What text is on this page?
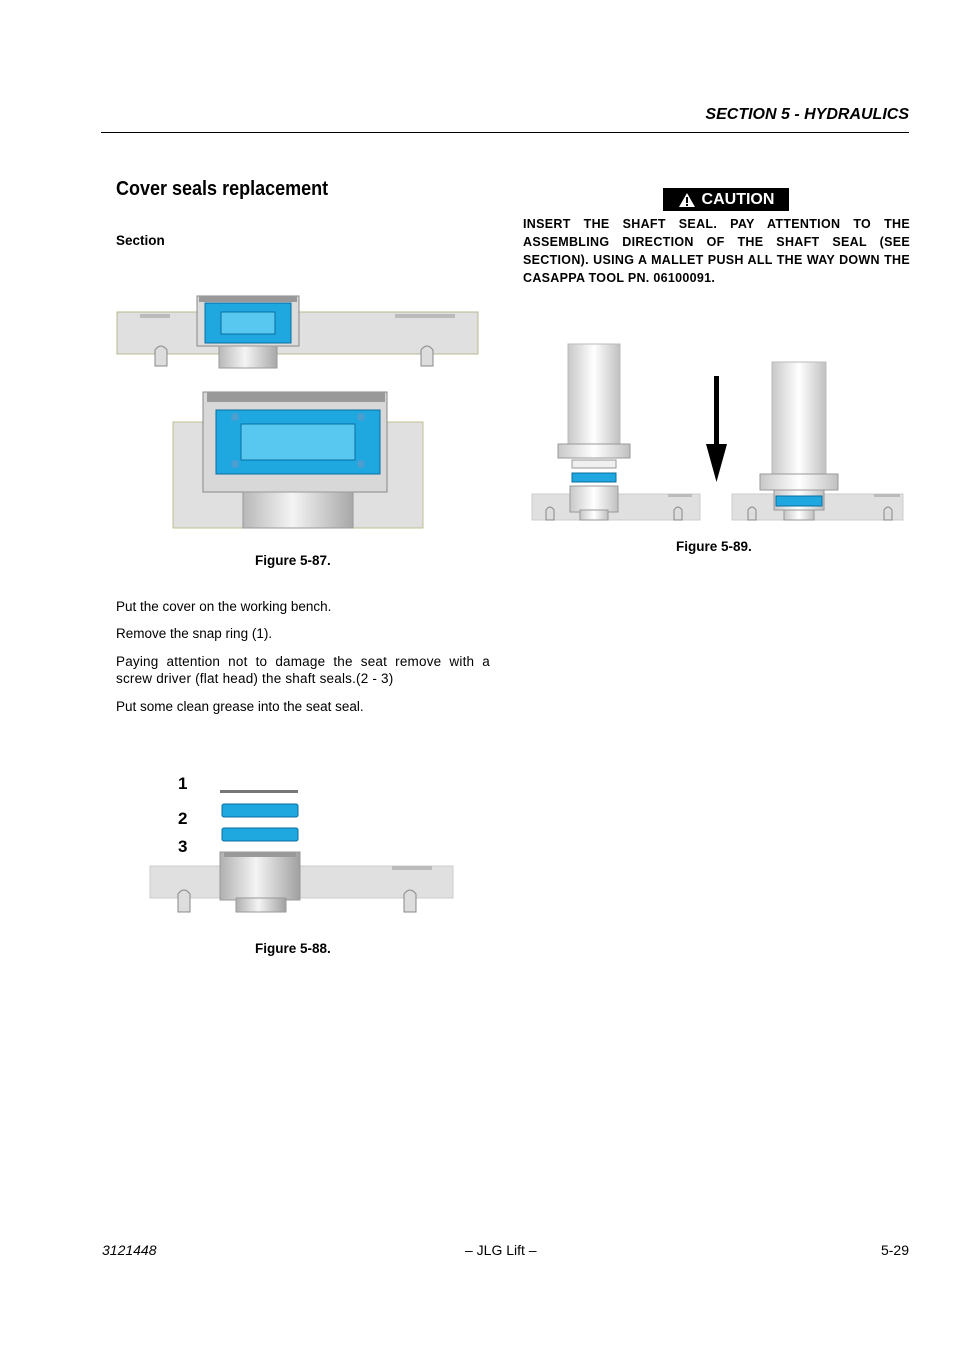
SECTION 5 - HYDRAULICS
Cover seals replacement
Section
Figure 5-87.
Put the cover on the working bench.
Remove the snap ring (1).
Paying attention not to damage the seat remove with a screw driver (flat head) the shaft seals.(2 - 3)
Put some clean grease into the seat seal.
1
2
3
Figure 5-88.
CAUTION
INSERT THE SHAFT SEAL. PAY ATTENTION TO THE ASSEMBLING DIRECTION OF THE SHAFT SEAL (SEE SECTION). USING A MALLET PUSH ALL THE WAY DOWN THE CASAPPA TOOL PN. 06100091.
Figure 5-89.
3121448	– JLG Lift –	5-29
